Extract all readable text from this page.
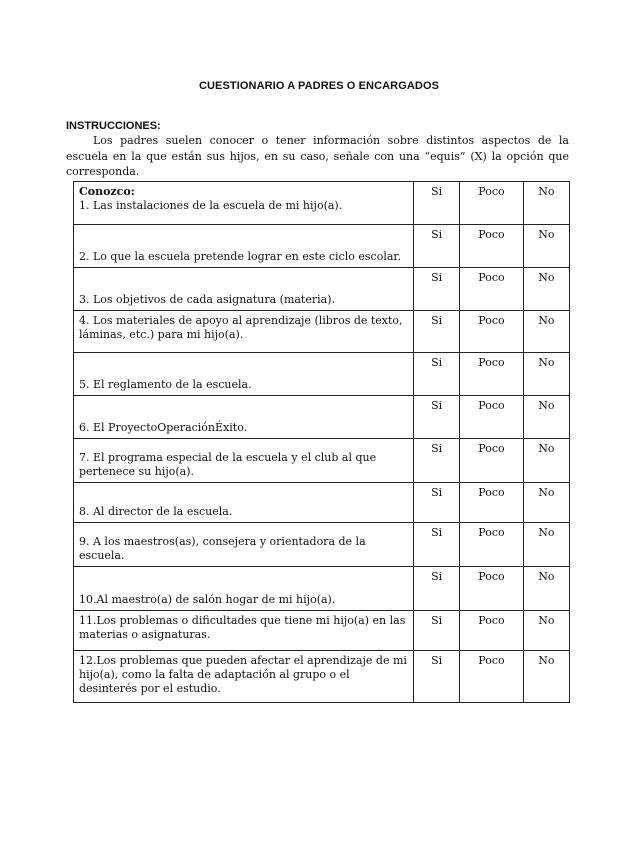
CUESTIONARIO A PADRES O ENCARGADOS
INSTRUCCIONES:
Los padres suelen conocer o tener información sobre distintos aspectos de la escuela en la que están sus hijos, en su caso, señale con una “equis” (X) la opción que corresponda.
Conozco:
1. Las instalaciones de la escuela de mi hijo(a).	Si	Poco	No

2. Lo que la escuela pretende lograr en este ciclo escolar.	Si	Poco	No

3. Los objetivos de cada asignatura (materia).	Si	Poco	No

4. Los materiales de apoyo al aprendizaje (libros de texto, láminas, etc.) para mi hijo(a).	Si	Poco	No

5. El reglamento de la escuela.	Si	Poco	No

6. El ProyectoOperaciónÉxito.	Si	Poco	No

7. El programa especial de la escuela y el club al que pertenece su hijo(a).	Si	Poco	No

8. Al director de la escuela.	Si	Poco	No

9. A los maestros(as), consejera y orientadora de la escuela.	Si	Poco	No

10.Al maestro(a) de salón hogar de mi hijo(a).	Si	Poco	No

11.Los problemas o dificultades que tiene mi hijo(a) en las materias o asignaturas.	Si	Poco	No

12.Los problemas que pueden afectar el aprendizaje de mi hijo(a), como la falta de adaptación al grupo o el desinterés por el estudio.	Si	Poco	No
